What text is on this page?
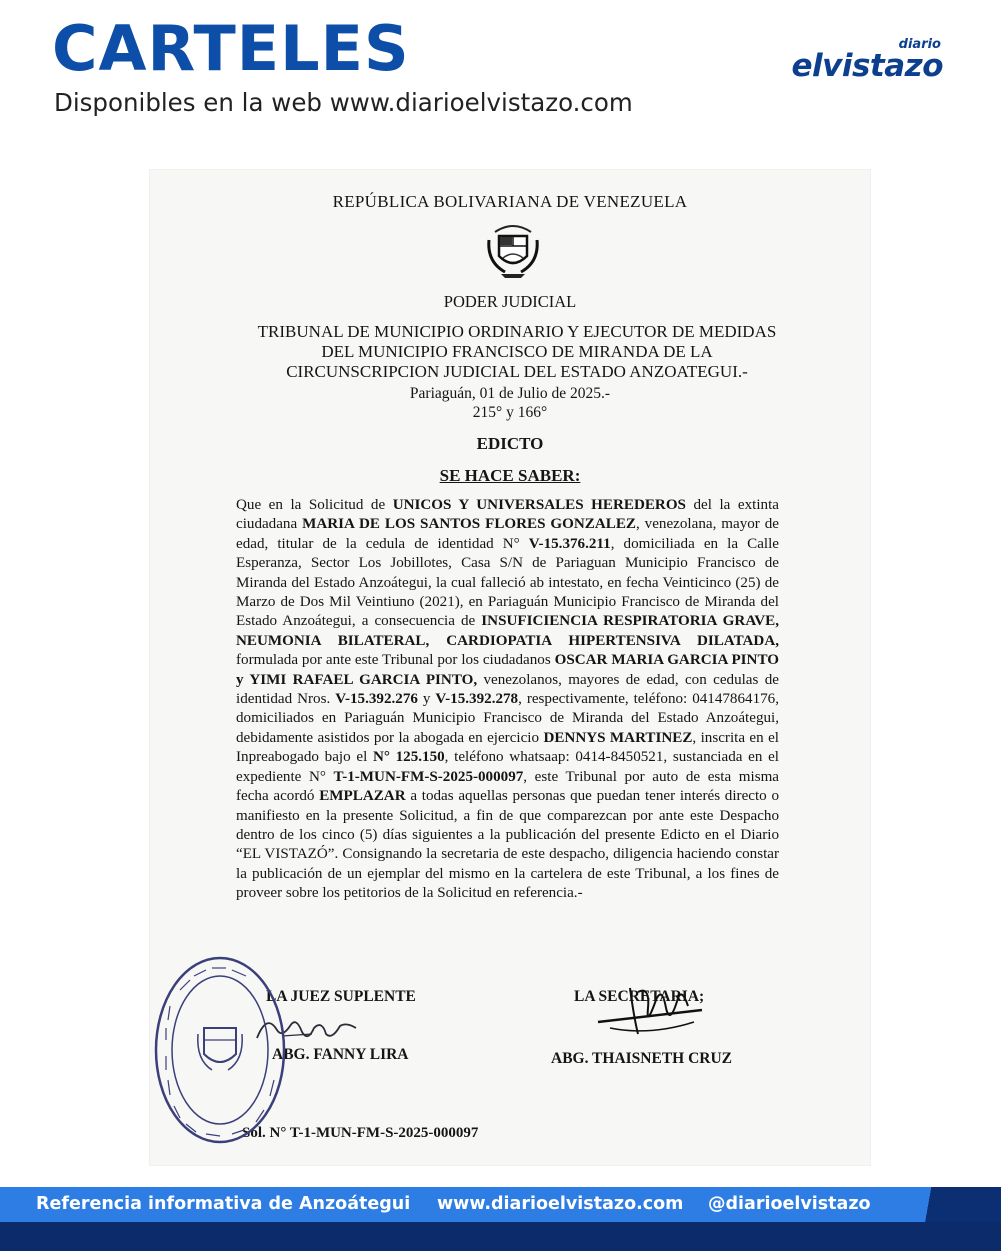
CARTELES
Disponibles en la web www.diarioelvistazo.com
diario
elvistazo
REPÚBLICA BOLIVARIANA DE VENEZUELA
PODER JUDICIAL
TRIBUNAL DE MUNICIPIO ORDINARIO Y EJECUTOR DE MEDIDAS
DEL MUNICIPIO FRANCISCO DE MIRANDA DE LA
CIRCUNSCRIPCION JUDICIAL DEL ESTADO ANZOATEGUI.-
Pariaguán, 01 de Julio de 2025.-
215° y 166°
EDICTO
SE HACE SABER:
Que en la Solicitud de UNICOS Y UNIVERSALES HEREDEROS del la extinta ciudadana MARIA DE LOS SANTOS FLORES GONZALEZ, venezolana, mayor de edad, titular de la cedula de identidad N° V-15.376.211, domiciliada en la Calle Esperanza, Sector Los Jobillotes, Casa S/N de Pariaguan Municipio Francisco de Miranda del Estado Anzoátegui, la cual falleció ab intestato, en fecha Veinticinco (25) de Marzo de Dos Mil Veintiuno (2021), en Pariaguán Municipio Francisco de Miranda del Estado Anzoátegui, a consecuencia de INSUFICIENCIA RESPIRATORIA GRAVE, NEUMONIA BILATERAL, CARDIOPATIA HIPERTENSIVA DILATADA, formulada por ante este Tribunal por los ciudadanos OSCAR MARIA GARCIA PINTO y YIMI RAFAEL GARCIA PINTO, venezolanos, mayores de edad, con cedulas de identidad Nros. V-15.392.276 y V-15.392.278, respectivamente, teléfono: 04147864176, domiciliados en Pariaguán Municipio Francisco de Miranda del Estado Anzoátegui, debidamente asistidos por la abogada en ejercicio DENNYS MARTINEZ, inscrita en el Inpreabogado bajo el N° 125.150, teléfono whatsaap: 0414-8450521, sustanciada en el expediente N° T-1-MUN-FM-S-2025-000097, este Tribunal por auto de esta misma fecha acordó EMPLAZAR a todas aquellas personas que puedan tener interés directo o manifiesto en la presente Solicitud, a fin de que comparezcan por ante este Despacho dentro de los cinco (5) días siguientes a la publicación del presente Edicto en el Diario “EL VISTAZÓ”. Consignando la secretaria de este despacho, diligencia haciendo constar la publicación de un ejemplar del mismo en la cartelera de este Tribunal, a los fines de proveer sobre los petitorios de la Solicitud en referencia.-
LA JUEZ SUPLENTE
ABG. FANNY LIRA
LA SECRETARIA;
ABG. THAISNETH CRUZ
Sol. N° T-1-MUN-FM-S-2025-000097
Referencia informativa de Anzoátegui www.diarioelvistazo.com @diarioelvistazo
